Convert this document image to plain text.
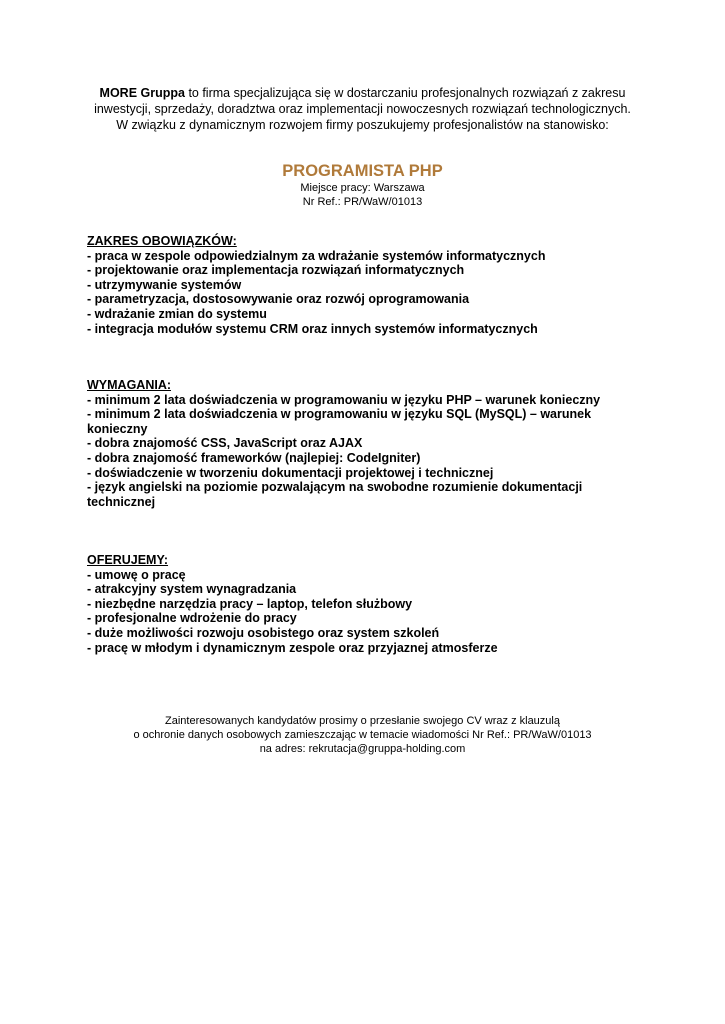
MORE Gruppa to firma specjalizująca się w dostarczaniu profesjonalnych rozwiązań z zakresu
inwestycji, sprzedaży, doradztwa oraz implementacji nowoczesnych rozwiązań technologicznych.
W związku z dynamicznym rozwojem firmy poszukujemy profesjonalistów na stanowisko:
PROGRAMISTA PHP
Miejsce pracy: Warszawa
Nr Ref.: PR/WaW/01013
ZAKRES OBOWIĄZKÓW:
- praca w zespole odpowiedzialnym za wdrażanie systemów informatycznych
- projektowanie oraz implementacja rozwiązań informatycznych
- utrzymywanie systemów
- parametryzacja, dostosowywanie oraz rozwój oprogramowania
- wdrażanie zmian do systemu
- integracja modułów systemu CRM oraz innych systemów informatycznych
WYMAGANIA:
- minimum 2 lata doświadczenia w programowaniu w języku PHP – warunek konieczny
- minimum 2 lata doświadczenia w programowaniu w języku SQL (MySQL) – warunek konieczny
- dobra znajomość CSS, JavaScript oraz AJAX
- dobra znajomość frameworków (najlepiej: CodeIgniter)
- doświadczenie w tworzeniu dokumentacji projektowej i technicznej
- język angielski na poziomie pozwalającym na swobodne rozumienie dokumentacji technicznej
OFERUJEMY:
- umowę o pracę
- atrakcyjny system wynagradzania
- niezbędne narzędzia pracy – laptop, telefon służbowy
- profesjonalne wdrożenie do pracy
- duże możliwości rozwoju osobistego oraz system szkoleń
- pracę w młodym i dynamicznym zespole oraz przyjaznej atmosferze
Zainteresowanych kandydatów prosimy o przesłanie swojego CV wraz z klauzulą
o ochronie danych osobowych zamieszczając w temacie wiadomości Nr Ref.: PR/WaW/01013
na adres: rekrutacja@gruppa-holding.com
